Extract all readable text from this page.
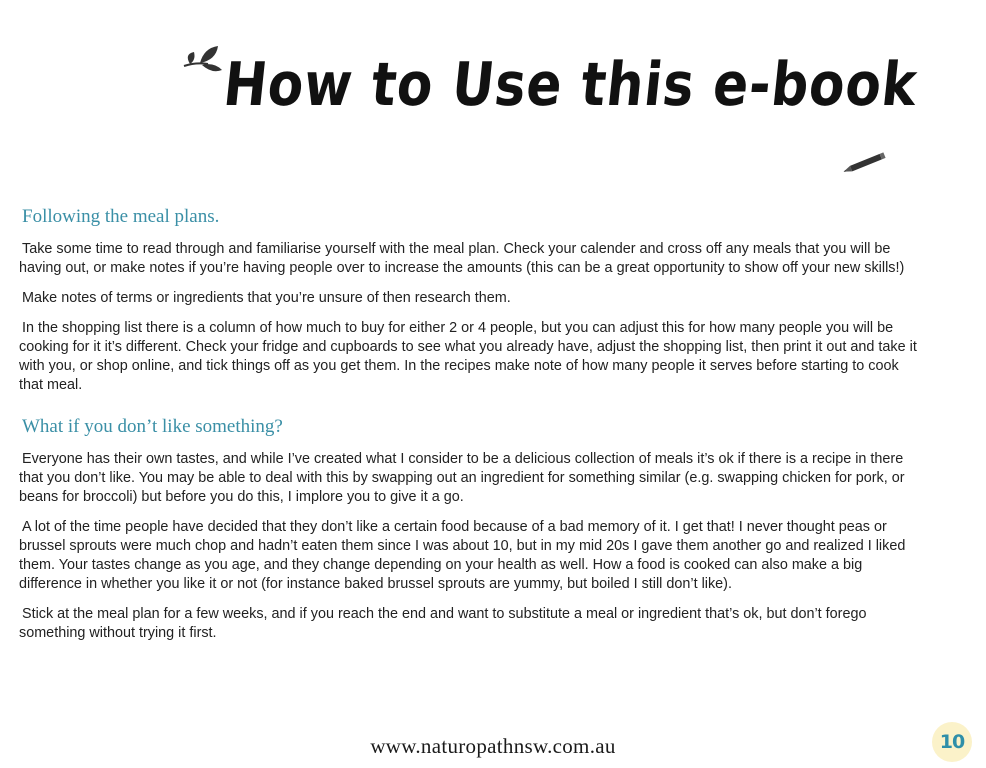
How to Use this e-book
Following the meal plans.

Take some time to read through and familiarise yourself with the meal plan. Check your calender and cross off any meals that you will be having out, or make notes if you’re having people over to increase the amounts (this can be a great opportunity to show off your new skills!)

Make notes of terms or ingredients that you’re unsure of then research them.

In the shopping list there is a column of how much to buy for either 2 or 4 people, but you can adjust this for how many people you will be cooking for it it’s different. Check your fridge and cupboards to see what you already have, adjust the shopping list, then print it out and take it with you, or shop online, and tick things off as you get them. In the recipes make note of how many people it serves before starting to cook that meal.

What if you don’t like something?

Everyone has their own tastes, and while I’ve created what I consider to be a delicious collection of meals it’s ok if there is a recipe in there that you don’t like. You may be able to deal with this by swapping out an ingredient for something similar (e.g. swapping chicken for pork, or beans for broccoli) but before you do this, I implore you to give it a go.

A lot of the time people have decided that they don’t like a certain food because of a bad memory of it. I get that! I never thought peas or brussel sprouts were much chop and hadn’t eaten them since I was about 10, but in my mid 20s I gave them another go and realized I liked them. Your tastes change as you age, and they change depending on your health as well. How a food is cooked can also make a big difference in whether you like it or not (for instance baked brussel sprouts are yummy, but boiled I still don’t like).

Stick at the meal plan for a few weeks, and if you reach the end and want to substitute a meal or ingredient that’s ok, but don’t forego something without trying it first.

www.naturopathnsw.com.au	10
